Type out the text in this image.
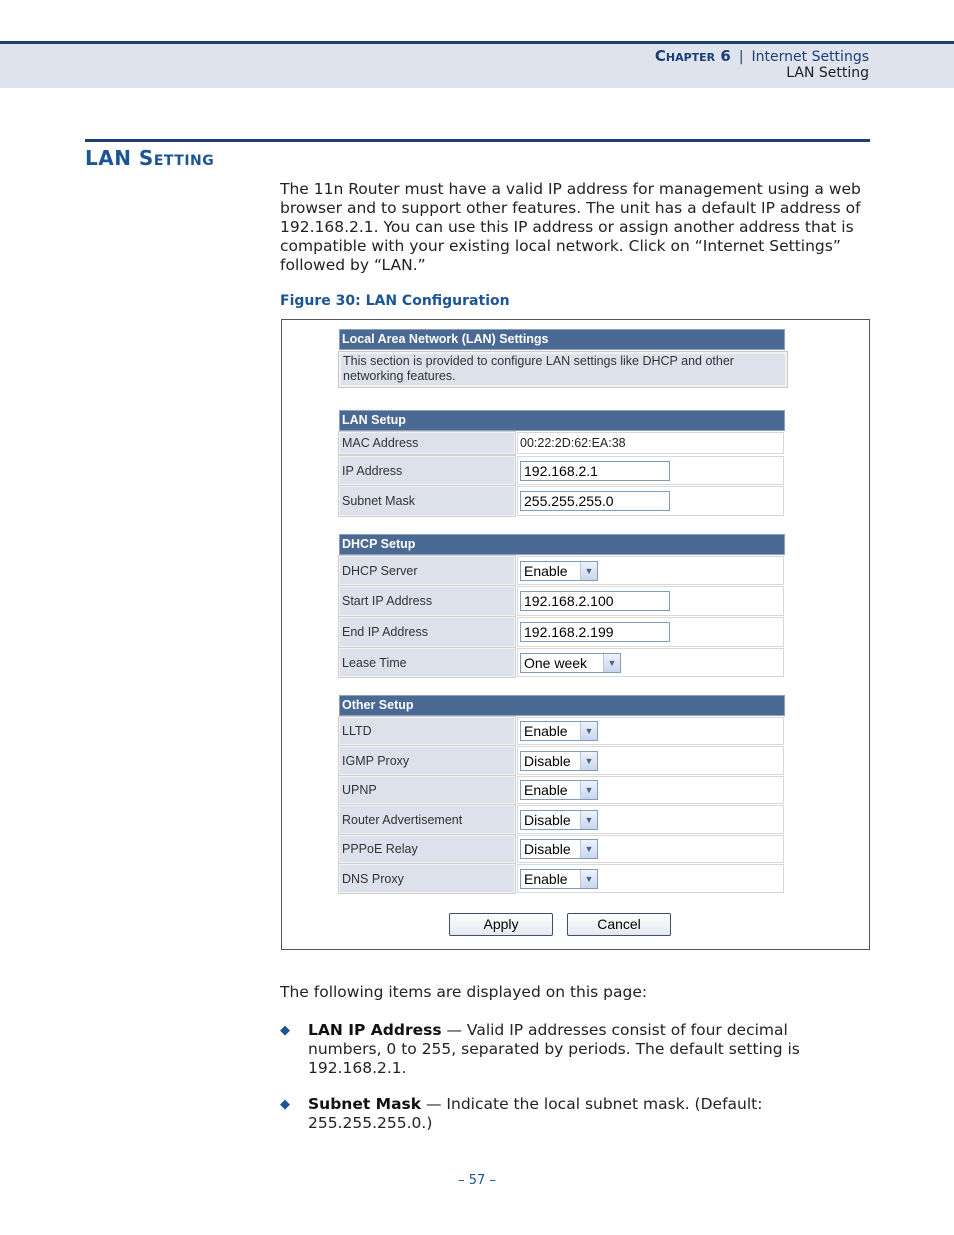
Chapter 6 | Internet Settings
LAN Setting
LAN Setting
The 11n Router must have a valid IP address for management using a web browser and to support other features. The unit has a default IP address of 192.168.2.1. You can use this IP address or assign another address that is compatible with your existing local network. Click on “Internet Settings” followed by “LAN.”
Figure 30: LAN Configuration
Local Area Network (LAN) Settings
This section is provided to configure LAN settings like DHCP and other networking features.
LAN Setup
MAC Address	00:22:2D:62:EA:38
IP Address	192.168.2.1
Subnet Mask	255.255.255.0
DHCP Setup
DHCP Server	Enable	▼
Start IP Address	192.168.2.100
End IP Address	192.168.2.199
Lease Time	One week	▼
Other Setup
LLTD	Enable	▼
IGMP Proxy	Disable	▼
UPNP	Enable	▼
Router Advertisement	Disable	▼
PPPoE Relay	Disable	▼
DNS Proxy	Enable	▼
Apply	Cancel
The following items are displayed on this page:
◆ LAN IP Address — Valid IP addresses consist of four decimal numbers, 0 to 255, separated by periods. The default setting is 192.168.2.1.
◆ Subnet Mask — Indicate the local subnet mask. (Default: 255.255.255.0.)
– 57 –
